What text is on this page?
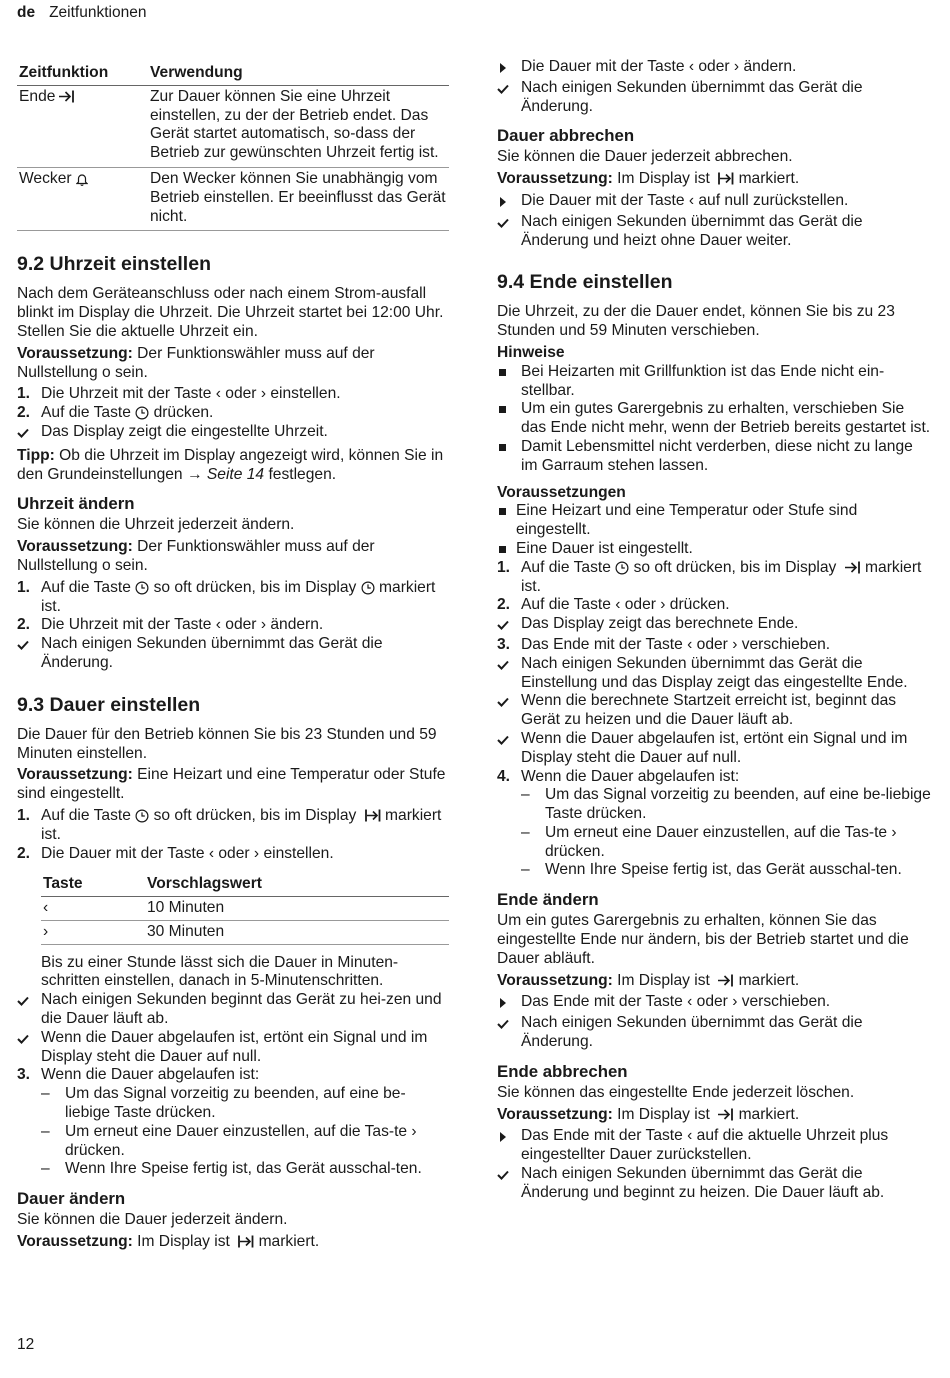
de Zeitfunktionen
Zeitfunktion	Verwendung
Ende	Zur Dauer können Sie eine Uhrzeit einstellen, zu der der Betrieb endet. Das Gerät startet automatisch, so-dass der Betrieb zur gewünschten Uhrzeit fertig ist.
Wecker	Den Wecker können Sie unabhängig vom Betrieb einstellen. Er beeinflusst das Gerät nicht.
9.2 Uhrzeit einstellen

Nach dem Geräteanschluss oder nach einem Strom-ausfall blinkt im Display die Uhrzeit. Die Uhrzeit startet bei 12:00 Uhr. Stellen Sie die aktuelle Uhrzeit ein.

Voraussetzung: Der Funktionswähler muss auf der Nullstellung o sein.

1. Die Uhrzeit mit der Taste ‹ oder › einstellen.
2. Auf die Taste drücken.
Das Display zeigt die eingestellte Uhrzeit.

Tipp: Ob die Uhrzeit im Display angezeigt wird, können Sie in den Grundeinstellungen → Seite 14 festlegen.

Uhrzeit ändern

Sie können die Uhrzeit jederzeit ändern.

Voraussetzung: Der Funktionswähler muss auf der Nullstellung o sein.

1. Auf die Taste so oft drücken, bis im Display markiert ist.
2. Die Uhrzeit mit der Taste ‹ oder › ändern.
Nach einigen Sekunden übernimmt das Gerät die Änderung.
9.3 Dauer einstellen

Die Dauer für den Betrieb können Sie bis 23 Stunden und 59 Minuten einstellen.

Voraussetzung: Eine Heizart und eine Temperatur oder Stufe sind eingestellt.

1. Auf die Taste so oft drücken, bis im Display markiert ist.
2. Die Dauer mit der Taste ‹ oder › einstellen.
Taste	Vorschlagswert
‹	10 Minuten
›	30 Minuten
Bis zu einer Stunde lässt sich die Dauer in Minuten-schritten einstellen, danach in 5-Minutenschritten.
Nach einigen Sekunden beginnt das Gerät zu hei-zen und die Dauer läuft ab.
Wenn die Dauer abgelaufen ist, ertönt ein Signal und im Display steht die Dauer auf null.
3. Wenn die Dauer abgelaufen ist:
– Um das Signal vorzeitig zu beenden, auf eine be-liebige Taste drücken.
– Um erneut eine Dauer einzustellen, auf die Tas-te › drücken.
– Wenn Ihre Speise fertig ist, das Gerät ausschal-ten.
Dauer ändern

Sie können die Dauer jederzeit ändern.

Voraussetzung: Im Display ist markiert.

Die Dauer mit der Taste ‹ oder › ändern.
Nach einigen Sekunden übernimmt das Gerät die Änderung.
Dauer abbrechen

Sie können die Dauer jederzeit abbrechen.

Voraussetzung: Im Display ist markiert.

Die Dauer mit der Taste ‹ auf null zurückstellen.
Nach einigen Sekunden übernimmt das Gerät die Änderung und heizt ohne Dauer weiter.
9.4 Ende einstellen

Die Uhrzeit, zu der die Dauer endet, können Sie bis zu 23 Stunden und 59 Minuten verschieben.

Hinweise
Bei Heizarten mit Grillfunktion ist das Ende nicht ein-stellbar.
Um ein gutes Garergebnis zu erhalten, verschieben Sie das Ende nicht mehr, wenn der Betrieb bereits gestartet ist.
Damit Lebensmittel nicht verderben, diese nicht zu lange im Garraum stehen lassen.
Voraussetzungen
Eine Heizart und eine Temperatur oder Stufe sind eingestellt.
Eine Dauer ist eingestellt.
1. Auf die Taste so oft drücken, bis im Display markiert ist.
2. Auf die Taste ‹ oder › drücken.
Das Display zeigt das berechnete Ende.
3. Das Ende mit der Taste ‹ oder › verschieben.
Nach einigen Sekunden übernimmt das Gerät die Einstellung und das Display zeigt das eingestellte Ende.
Wenn die berechnete Startzeit erreicht ist, beginnt das Gerät zu heizen und die Dauer läuft ab.
Wenn die Dauer abgelaufen ist, ertönt ein Signal und im Display steht die Dauer auf null.
4. Wenn die Dauer abgelaufen ist:
– Um das Signal vorzeitig zu beenden, auf eine be-liebige Taste drücken.
– Um erneut eine Dauer einzustellen, auf die Tas-te › drücken.
– Wenn Ihre Speise fertig ist, das Gerät ausschal-ten.
Ende ändern

Um ein gutes Garergebnis zu erhalten, können Sie das eingestellte Ende nur ändern, bis der Betrieb startet und die Dauer abläuft.

Voraussetzung: Im Display ist markiert.

Das Ende mit der Taste ‹ oder › verschieben.
Nach einigen Sekunden übernimmt das Gerät die Änderung.
Ende abbrechen

Sie können das eingestellte Ende jederzeit löschen.

Voraussetzung: Im Display ist markiert.

Das Ende mit der Taste ‹ auf die aktuelle Uhrzeit plus eingestellter Dauer zurückstellen.
Nach einigen Sekunden übernimmt das Gerät die Änderung und beginnt zu heizen. Die Dauer läuft ab.
12
